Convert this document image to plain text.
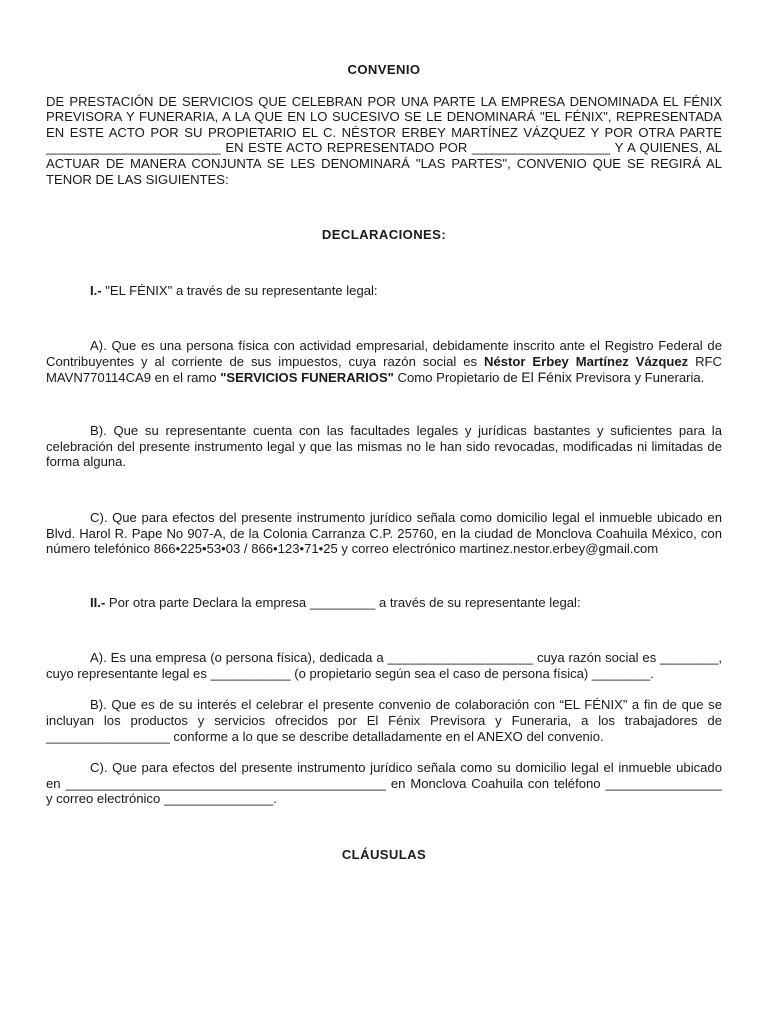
CONVENIO

DE PRESTACIÓN DE SERVICIOS QUE CELEBRAN POR UNA PARTE LA EMPRESA DENOMINADA EL FÉNIX PREVISORA Y FUNERARIA, A LA QUE EN LO SUCESIVO SE LE DENOMINARÁ "EL FÉNIX", REPRESENTADA EN ESTE ACTO POR SU PROPIETARIO EL C. NÉSTOR ERBEY MARTÍNEZ VÁZQUEZ Y POR OTRA PARTE ________________________ EN ESTE ACTO REPRESENTADO POR ___________________ Y A QUIENES, AL ACTUAR DE MANERA CONJUNTA SE LES DENOMINARÁ "LAS PARTES", CONVENIO QUE SE REGIRÁ AL TENOR DE LAS SIGUIENTES:

DECLARACIONES:

I.- "EL FÉNIX" a través de su representante legal:

A). Que es una persona física con actividad empresarial, debidamente inscrito ante el Registro Federal de Contribuyentes y al corriente de sus impuestos, cuya razón social es Néstor Erbey Martínez Vázquez RFC MAVN770114CA9 en el ramo "SERVICIOS FUNERARIOS" Como Propietario de El Fénix Previsora y Funeraria.

B). Que su representante cuenta con las facultades legales y jurídicas bastantes y suficientes para la celebración del presente instrumento legal y que las mismas no le han sido revocadas, modificadas ni limitadas de forma alguna.

C). Que para efectos del presente instrumento jurídico señala como domicilio legal el inmueble ubicado en Blvd. Harol R. Pape No 907-A, de la Colonia Carranza C.P. 25760, en la ciudad de Monclova Coahuila México, con número telefónico 866•225•53•03 / 866•123•71•25 y correo electrónico martinez.nestor.erbey@gmail.com

II.- Por otra parte Declara la empresa _________ a través de su representante legal:

A). Es una empresa (o persona física), dedicada a ____________________ cuya razón social es ________, cuyo representante legal es ___________ (o propietario según sea el caso de persona física) ________.

B). Que es de su interés el celebrar el presente convenio de colaboración con “EL FÉNIX” a fin de que se incluyan los productos y servicios ofrecidos por El Fénix Previsora y Funeraria, a los trabajadores de _________________ conforme a lo que se describe detalladamente en el ANEXO del convenio.

C). Que para efectos del presente instrumento jurídico señala como su domicilio legal el inmueble ubicado en ____________________________________________ en Monclova Coahuila con teléfono ________________ y correo electrónico _______________.

CLÁUSULAS
